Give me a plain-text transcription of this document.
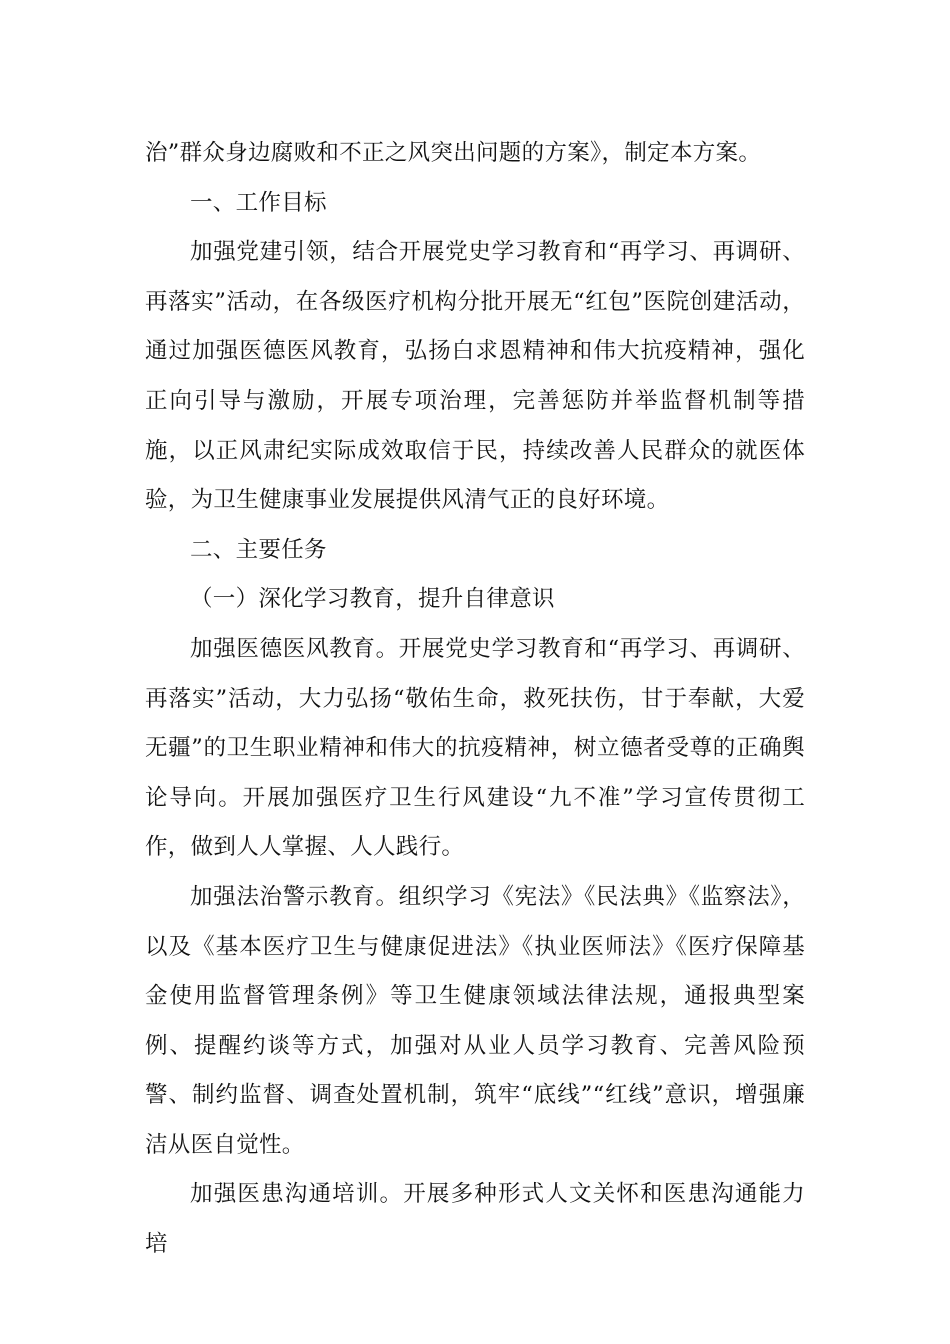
治”群众身边腐败和不正之风突出问题的方案》，制定本方案。

一、工作目标

加强党建引领，结合开展党史学习教育和“再学习、再调研、再落实”活动，在各级医疗机构分批开展无“红包”医院创建活动，通过加强医德医风教育，弘扬白求恩精神和伟大抗疫精神，强化正向引导与激励，开展专项治理，完善惩防并举监督机制等措施，以正风肃纪实际成效取信于民，持续改善人民群众的就医体验，为卫生健康事业发展提供风清气正的良好环境。

二、主要任务

（一）深化学习教育，提升自律意识

加强医德医风教育。开展党史学习教育和“再学习、再调研、再落实”活动，大力弘扬“敬佑生命，救死扶伤，甘于奉献，大爱无疆”的卫生职业精神和伟大的抗疫精神，树立德者受尊的正确舆论导向。开展加强医疗卫生行风建设“九不准”学习宣传贯彻工作，做到人人掌握、人人践行。

加强法治警示教育。组织学习《宪法》《民法典》《监察法》，以及《基本医疗卫生与健康促进法》《执业医师法》《医疗保障基金使用监督管理条例》等卫生健康领域法律法规，通报典型案例、提醒约谈等方式，加强对从业人员学习教育、完善风险预警、制约监督、调查处置机制，筑牢“底线”“红线”意识，增强廉洁从医自觉性。

加强医患沟通培训。开展多种形式人文关怀和医患沟通能力培
